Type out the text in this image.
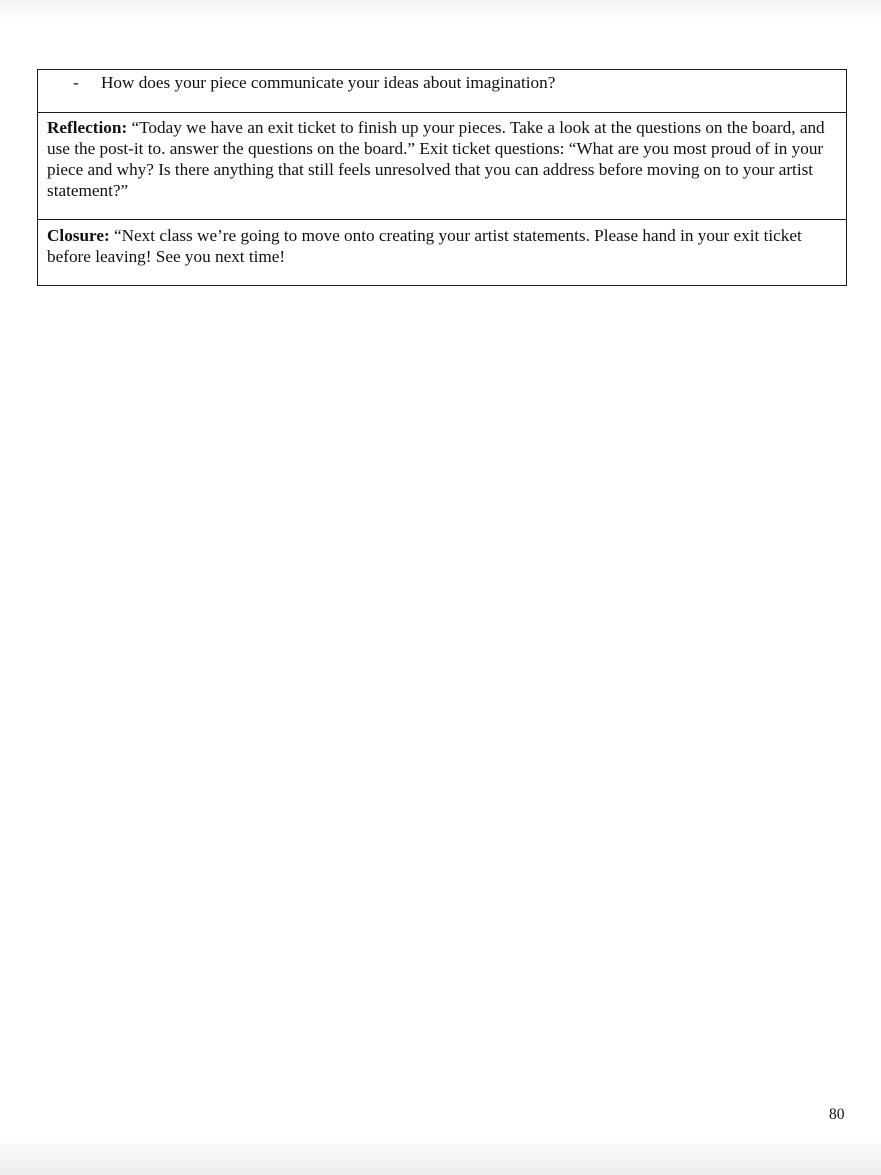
- How does your piece communicate your ideas about imagination?

Reflection: “Today we have an exit ticket to finish up your pieces. Take a look at the questions on the board, and use the post-it to. answer the questions on the board.” Exit ticket questions: “What are you most proud of in your piece and why? Is there anything that still feels unresolved that you can address before moving on to your artist statement?”
Closure: “Next class we’re going to move onto creating your artist statements. Please hand in your exit ticket before leaving! See you next time!
80
